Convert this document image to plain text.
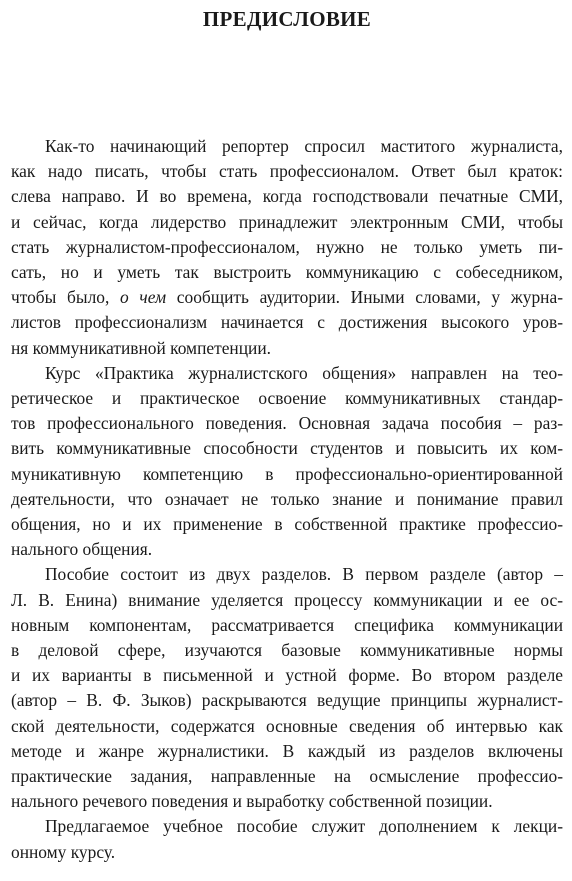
ПРЕДИСЛОВИЕ

Как-то начинающий репортер спросил маститого журналиста,
как надо писать, чтобы стать профессионалом. Ответ был краток:
слева направо. И во времена, когда господствовали печатные СМИ,
и сейчас, когда лидерство принадлежит электронным СМИ, чтобы
стать журналистом-профессионалом, нужно не только уметь пи-
сать, но и уметь так выстроить коммуникацию с собеседником,
чтобы было, о чем сообщить аудитории. Иными словами, у журна-
листов профессионализм начинается с достижения высокого уров-
ня коммуникативной компетенции.

Курс «Практика журналистского общения» направлен на тео-
ретическое и практическое освоение коммуникативных стандар-
тов профессионального поведения. Основная задача пособия – раз-
вить коммуникативные способности студентов и повысить их ком-
муникативную компетенцию в профессионально-ориентированной
деятельности, что означает не только знание и понимание правил
общения, но и их применение в собственной практике профессио-
нального общения.

Пособие состоит из двух разделов. В первом разделе (автор –
Л. В. Енина) внимание уделяется процессу коммуникации и ее ос-
новным компонентам, рассматривается специфика коммуникации
в деловой сфере, изучаются базовые коммуникативные нормы
и их варианты в письменной и устной форме. Во втором разделе
(автор – В. Ф. Зыков) раскрываются ведущие принципы журналист-
ской деятельности, содержатся основные сведения об интервью как
методе и жанре журналистики. В каждый из разделов включены
практические задания, направленные на осмысление профессио-
нального речевого поведения и выработку собственной позиции.

Предлагаемое учебное пособие служит дополнением к лекци-
онному курсу.
